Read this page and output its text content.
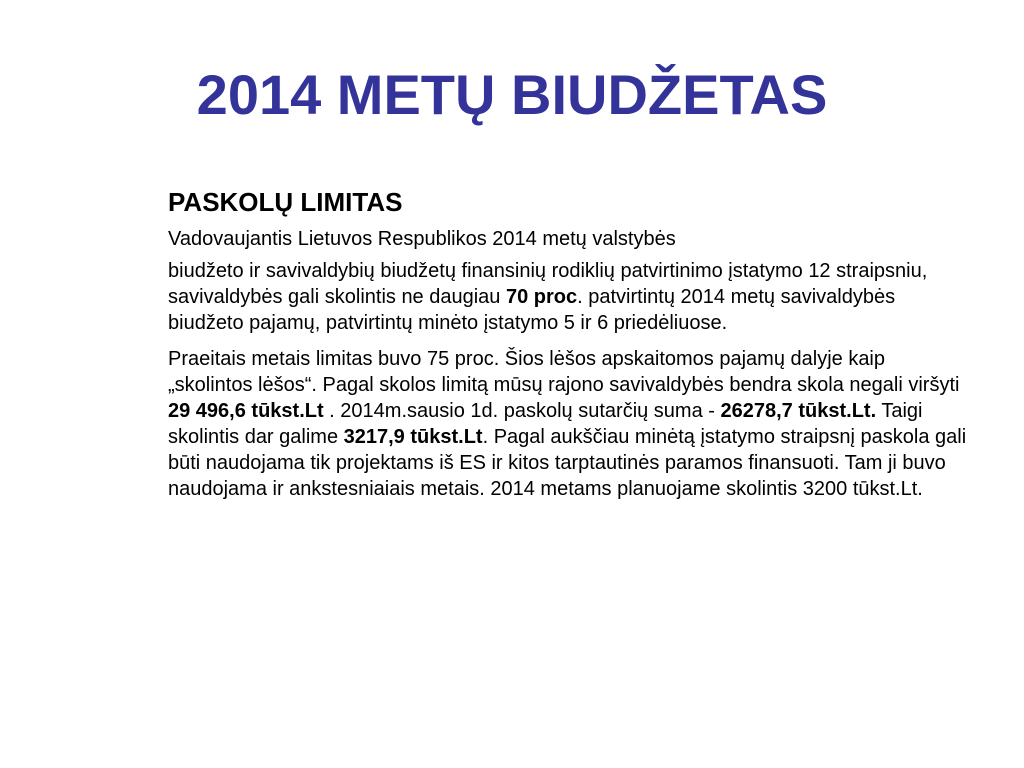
2014 METŲ BIUDŽETAS
PASKOLŲ LIMITAS

Vadovaujantis Lietuvos Respublikos 2014 metų valstybės

biudžeto ir savivaldybių biudžetų finansinių rodiklių patvirtinimo įstatymo 12 straipsniu, savivaldybės gali skolintis ne daugiau 70 proc. patvirtintų 2014 metų savivaldybės biudžeto pajamų, patvirtintų minėto įstatymo 5 ir 6 priedėliuose.

Praeitais metais limitas buvo 75 proc. Šios lėšos apskaitomos pajamų dalyje kaip „skolintos lėšos“. Pagal skolos limitą mūsų rajono savivaldybės bendra skola negali viršyti 29 496,6 tūkst.Lt . 2014m.sausio 1d. paskolų sutarčių suma - 26278,7 tūkst.Lt. Taigi skolintis dar galime 3217,9 tūkst.Lt. Pagal aukščiau minėtą įstatymo straipsnį paskola gali būti naudojama tik projektams iš ES ir kitos tarptautinės paramos finansuoti. Tam ji buvo naudojama ir ankstesniaiais metais. 2014 metams planuojame skolintis 3200 tūkst.Lt.
